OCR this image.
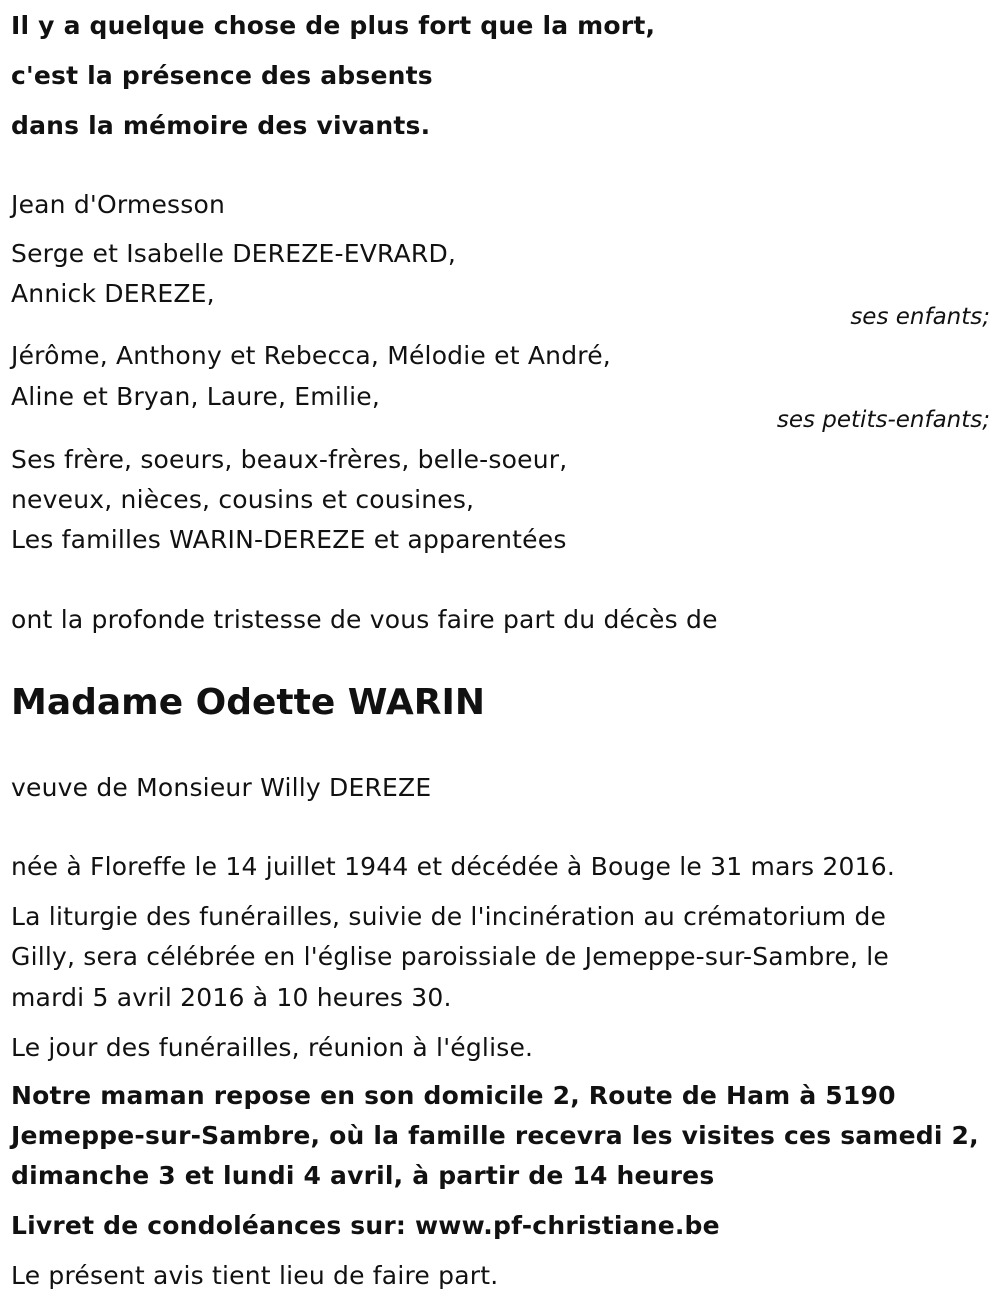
Il y a quelque chose de plus fort que la mort,
c'est la présence des absents
dans la mémoire des vivants.
Jean d'Ormesson
Serge et Isabelle DEREZE-EVRARD,
Annick DEREZE,
ses enfants;
Jérôme, Anthony et Rebecca, Mélodie et André,
Aline et Bryan, Laure, Emilie,
ses petits-enfants;
Ses frère, soeurs, beaux-frères, belle-soeur,
neveux, nièces, cousins et cousines,
Les familles WARIN-DEREZE et apparentées
ont la profonde tristesse de vous faire part du décès de
Madame Odette WARIN
veuve de Monsieur Willy DEREZE
née à Floreffe le 14 juillet 1944 et décédée à Bouge le 31 mars 2016.
La liturgie des funérailles, suivie de l'incinération au crématorium de
Gilly, sera célébrée en l'église paroissiale de Jemeppe-sur-Sambre, le
mardi 5 avril 2016 à 10 heures 30.
Le jour des funérailles, réunion à l'église.
Notre maman repose en son domicile 2, Route de Ham à 5190
Jemeppe-sur-Sambre, où la famille recevra les visites ces samedi 2,
dimanche 3 et lundi 4 avril, à partir de 14 heures
Livret de condoléances sur: www.pf-christiane.be
Le présent avis tient lieu de faire part.
